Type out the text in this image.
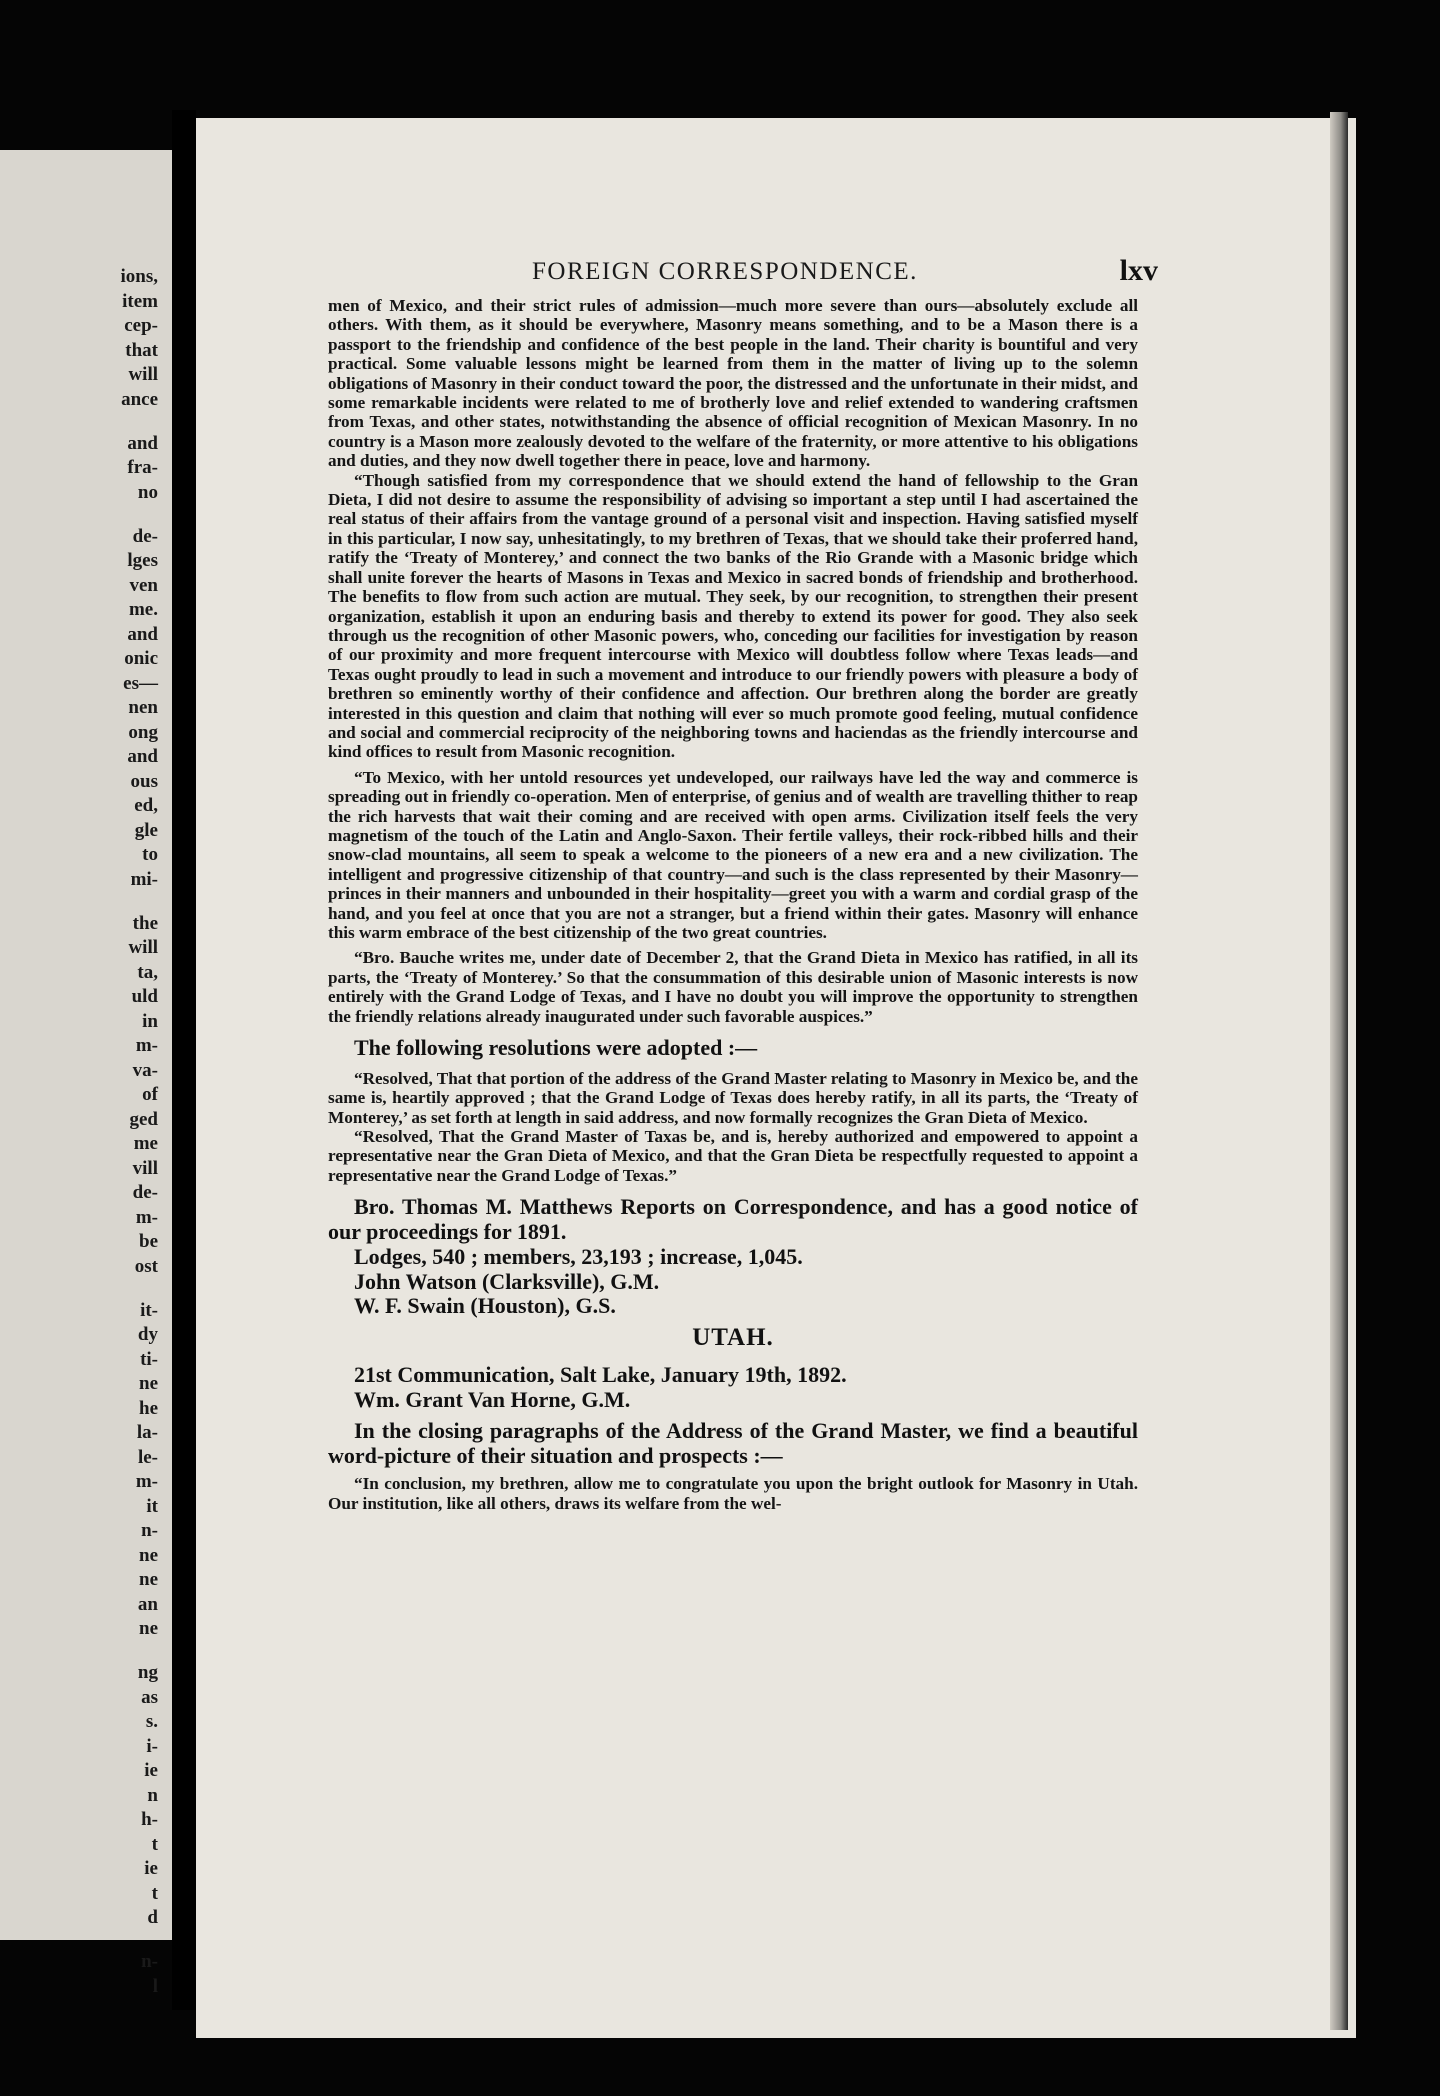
ions,
item
cep-
that
will
ance
and
fra-
no
de-
lges
ven
me.
and
onic
es—
nen
ong
and
ous
ed,
gle
to
mi-
the
will
ta,
uld
in
m-
va-
of
ged
me
vill
de-
m-
be
ost
it-
dy
ti-
ne
he
la-
le-
m-
it
n-
ne
ne
an
ne
ng
as
s.
i-
ie
n
h-
t
ie
t
d
n-
l
FOREIGN CORRESPONDENCE.	lxv

men of Mexico, and their strict rules of admission—much more severe than ours—absolutely exclude all others. With them, as it should be everywhere, Masonry means something, and to be a Mason there is a passport to the friendship and confidence of the best people in the land. Their charity is bountiful and very practical. Some valuable lessons might be learned from them in the matter of living up to the solemn obligations of Masonry in their conduct toward the poor, the distressed and the unfortunate in their midst, and some remarkable incidents were related to me of brotherly love and relief extended to wandering craftsmen from Texas, and other states, notwithstanding the absence of official recognition of Mexican Masonry. In no country is a Mason more zealously devoted to the welfare of the fraternity, or more attentive to his obligations and duties, and they now dwell together there in peace, love and harmony.

“Though satisfied from my correspondence that we should extend the hand of fellowship to the Gran Dieta, I did not desire to assume the responsibility of advising so important a step until I had ascertained the real status of their affairs from the vantage ground of a personal visit and inspection. Having satisfied myself in this particular, I now say, unhesitatingly, to my brethren of Texas, that we should take their proferred hand, ratify the ‘Treaty of Monterey,’ and connect the two banks of the Rio Grande with a Masonic bridge which shall unite forever the hearts of Masons in Texas and Mexico in sacred bonds of friendship and brotherhood. The benefits to flow from such action are mutual. They seek, by our recognition, to strengthen their present organization, establish it upon an enduring basis and thereby to extend its power for good. They also seek through us the recognition of other Masonic powers, who, conceding our facilities for investigation by reason of our proximity and more frequent intercourse with Mexico will doubtless follow where Texas leads—and Texas ought proudly to lead in such a movement and introduce to our friendly powers with pleasure a body of brethren so eminently worthy of their confidence and affection. Our brethren along the border are greatly interested in this question and claim that nothing will ever so much promote good feeling, mutual confidence and social and commercial reciprocity of the neighboring towns and haciendas as the friendly intercourse and kind offices to result from Masonic recognition.

“To Mexico, with her untold resources yet undeveloped, our railways have led the way and commerce is spreading out in friendly co-operation. Men of enterprise, of genius and of wealth are travelling thither to reap the rich harvests that wait their coming and are received with open arms. Civilization itself feels the very magnetism of the touch of the Latin and Anglo-Saxon. Their fertile valleys, their rock-ribbed hills and their snow-clad mountains, all seem to speak a welcome to the pioneers of a new era and a new civilization. The intelligent and progressive citizenship of that country—and such is the class represented by their Masonry—princes in their manners and unbounded in their hospitality—greet you with a warm and cordial grasp of the hand, and you feel at once that you are not a stranger, but a friend within their gates. Masonry will enhance this warm embrace of the best citizenship of the two great countries.

“Bro. Bauche writes me, under date of December 2, that the Grand Dieta in Mexico has ratified, in all its parts, the ‘Treaty of Monterey.’ So that the consummation of this desirable union of Masonic interests is now entirely with the Grand Lodge of Texas, and I have no doubt you will improve the opportunity to strengthen the friendly relations already inaugurated under such favorable auspices.”

The following resolutions were adopted :—

“Resolved, That that portion of the address of the Grand Master relating to Masonry in Mexico be, and the same is, heartily approved ; that the Grand Lodge of Texas does hereby ratify, in all its parts, the ‘Treaty of Monterey,’ as set forth at length in said address, and now formally recognizes the Gran Dieta of Mexico.

“Resolved, That the Grand Master of Taxas be, and is, hereby authorized and empowered to appoint a representative near the Gran Dieta of Mexico, and that the Gran Dieta be respectfully requested to appoint a representative near the Grand Lodge of Texas.”

Bro. Thomas M. Matthews Reports on Correspondence, and has a good notice of our proceedings for 1891.

Lodges, 540 ; members, 23,193 ; increase, 1,045.

John Watson (Clarksville), G.M.

W. F. Swain (Houston), G.S.

UTAH.

21st Communication, Salt Lake, January 19th, 1892.

Wm. Grant Van Horne, G.M.

In the closing paragraphs of the Address of the Grand Master, we find a beautiful word-picture of their situation and prospects :—

“In conclusion, my brethren, allow me to congratulate you upon the bright outlook for Masonry in Utah. Our institution, like all others, draws its welfare from the wel-
